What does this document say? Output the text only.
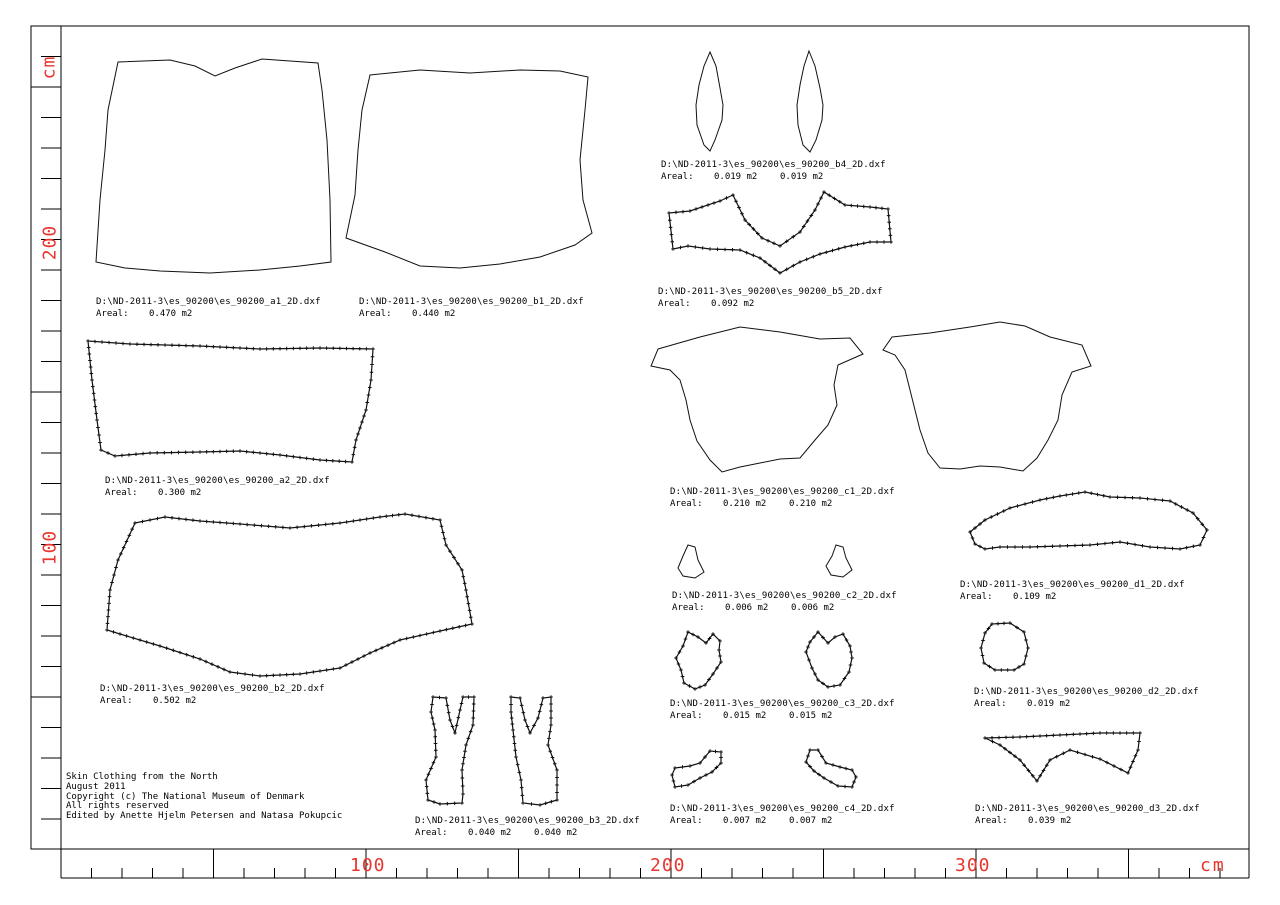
D:\ND-2011-3\es_90200\es_90200_a1_2D.dxf
Areal: 0.470 m2
D:\ND-2011-3\es_90200\es_90200_b1_2D.dxf
Areal: 0.440 m2
D:\ND-2011-3\es_90200\es_90200_b4_2D.dxf
Areal: 0.019 m2	0.019 m2
D:\ND-2011-3\es_90200\es_90200_b5_2D.dxf
Areal: 0.092 m2
D:\ND-2011-3\es_90200\es_90200_a2_2D.dxf
Areal: 0.300 m2	D:\ND-2011-3\es_90200\es_90200_c1_2D.dxf
Areal: 0.210 m2	0.210 m2
D:\ND-2011-3\es_90200\es_90200_b2_2D.dxf
Areal: 0.502 m2
D:\ND-2011-3\es_90200\es_90200_c2_2D.dxf
Areal: 0.006 m2	0.006 m2
D:\ND-2011-3\es_90200\es_90200_d1_2D.dxf
Areal: 0.109 m2
D:\ND-2011-3\es_90200\es_90200_c3_2D.dxf
Areal: 0.015 m2	0.015 m2
D:\ND-2011-3\es_90200\es_90200_d2_2D.dxf
Areal: 0.019 m2
D:\ND-2011-3\es_90200\es_90200_b3_2D.dxf
Areal: 0.040 m2	0.040 m2
D:\ND-2011-3\es_90200\es_90200_c4_2D.dxf
Areal: 0.007 m2	0.007 m2
D:\ND-2011-3\es_90200\es_90200_d3_2D.dxf
Areal: 0.039 m2
Skin Clothing from the North
August 2011
Copyright (c) The National Museum of Denmark
All rights reserved
Edited by Anette Hjelm Petersen and Natasa Pokupcic
100	200	300	cm
200
100
cm
